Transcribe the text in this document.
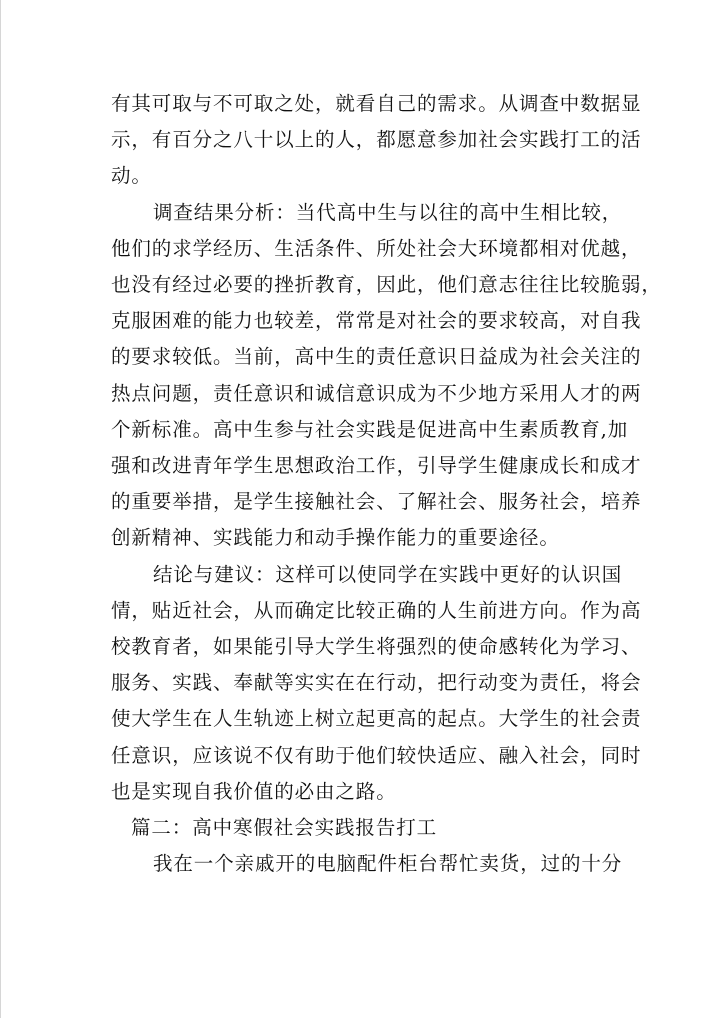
有其可取与不可取之处，就看自己的需求。从调查中数据显
示，有百分之八十以上的人，都愿意参加社会实践打工的活
动。

调查结果分析：当代高中生与以往的高中生相比较，
他们的求学经历、生活条件、所处社会大环境都相对优越，
也没有经过必要的挫折教育，因此，他们意志往往比较脆弱，
克服困难的能力也较差，常常是对社会的要求较高，对自我
的要求较低。当前，高中生的责任意识日益成为社会关注的
热点问题，责任意识和诚信意识成为不少地方采用人才的两
个新标准。高中生参与社会实践是促进高中生素质教育,加
强和改进青年学生思想政治工作，引导学生健康成长和成才
的重要举措，是学生接触社会、了解社会、服务社会，培养
创新精神、实践能力和动手操作能力的重要途径。

结论与建议：这样可以使同学在实践中更好的认识国
情，贴近社会，从而确定比较正确的人生前进方向。作为高
校教育者，如果能引导大学生将强烈的使命感转化为学习、
服务、实践、奉献等实实在在行动，把行动变为责任，将会
使大学生在人生轨迹上树立起更高的起点。大学生的社会责
任意识，应该说不仅有助于他们较快适应、融入社会，同时
也是实现自我价值的必由之路。

篇二：高中寒假社会实践报告打工

我在一个亲戚开的电脑配件柜台帮忙卖货，过的十分
